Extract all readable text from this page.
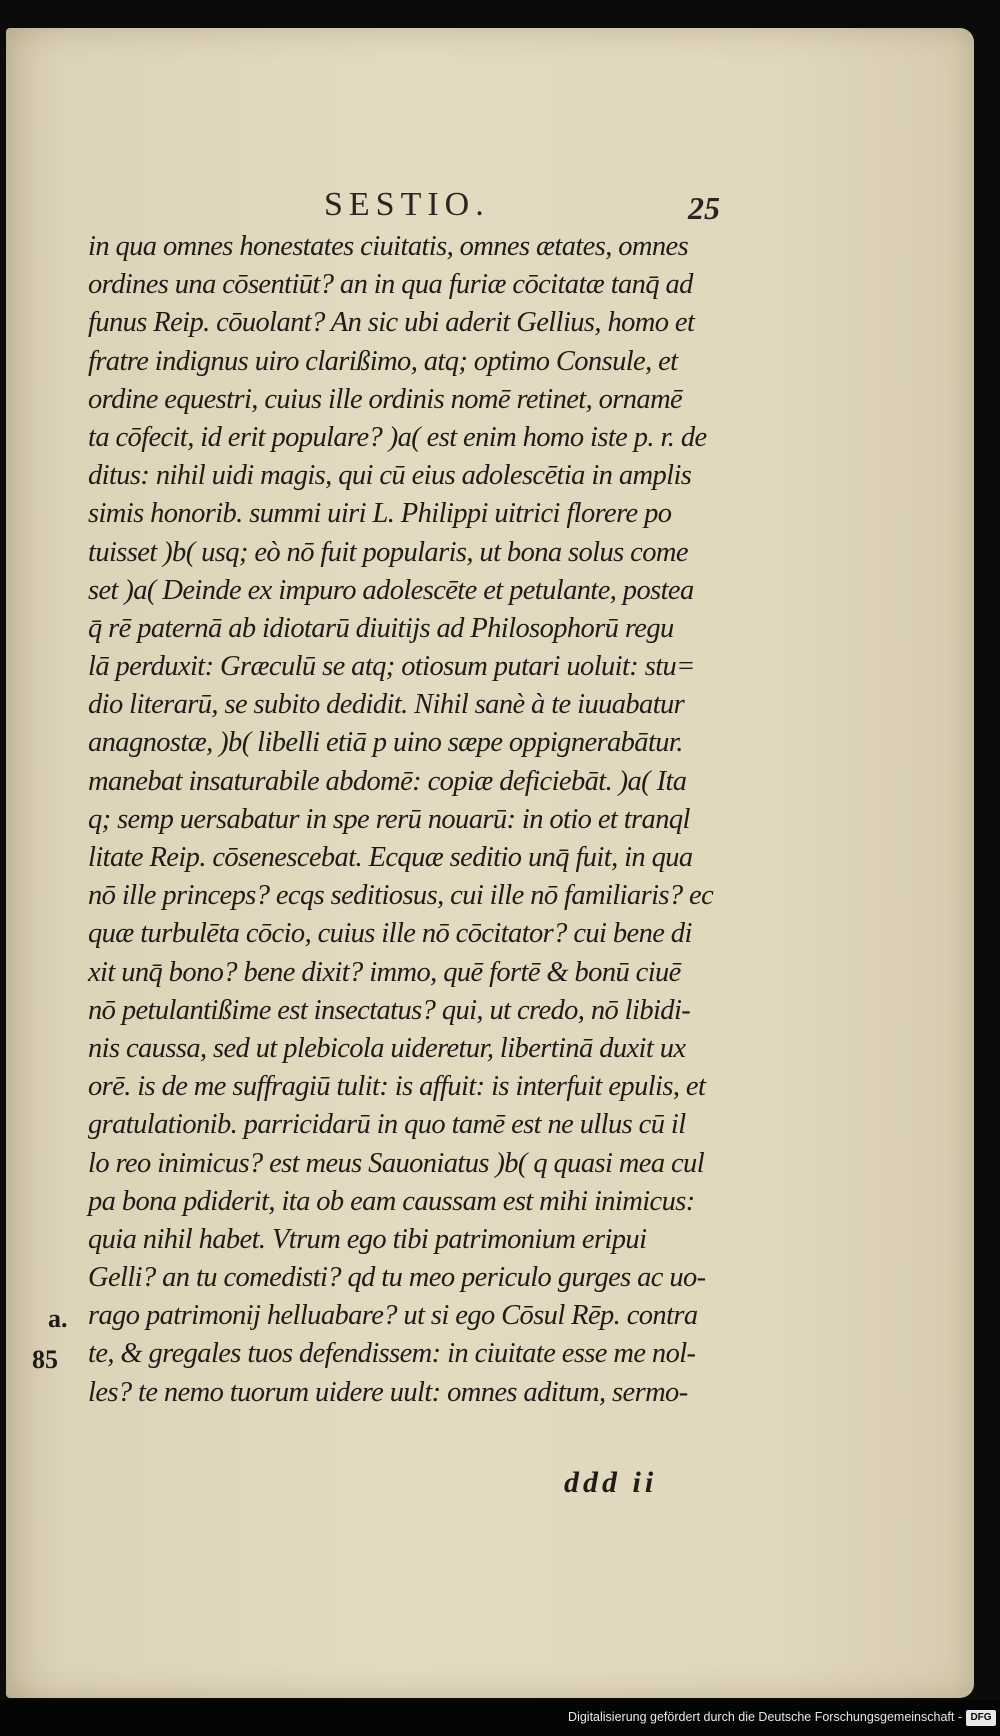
SESTIO.	25
in qua omnes honestates ciuitatis, omnes ætates, omnes
ordines una cōsentiūt? an in qua furiæ cōcitatæ tanq̄ ad
funus Reip. cōuolant? An sic ubi aderit Gellius, homo et
fratre indignus uiro clarißimo, atq; optimo Consule, et
ordine equestri, cuius ille ordinis nomē retinet, ornamē
ta cōfecit, id erit populare? )a( est enim homo iste p. r. de
ditus: nihil uidi magis, qui cū eius adolescētia in amplis
simis honorib. summi uiri L. Philippi uitrici florere po
tuisset )b( usq; eò nō fuit popularis, ut bona solus come
set )a( Deinde ex impuro adolescēte et petulante, postea
q̄ rē paternā ab idiotarū diuitijs ad Philosophorū regu
lā perduxit: Græculū se atq; otiosum putari uoluit: stu=
dio literarū, se subito dedidit. Nihil sanè à te iuuabatur
anagnostæ, )b( libelli etiā p uino sæpe oppignerabātur.
manebat insaturabile abdomē: copiæ deficiebāt. )a( Ita
q; semp uersabatur in spe rerū nouarū: in otio et tranql
litate Reip. cōsenescebat. Ecquæ seditio unq̄ fuit, in qua
nō ille princeps? ecqs seditiosus, cui ille nō familiaris? ec
quæ turbulēta cōcio, cuius ille nō cōcitator? cui bene di
xit unq̄ bono? bene dixit? immo, quē fortē & bonū ciuē
nō petulantißime est insectatus? qui, ut credo, nō libidi-
nis caussa, sed ut plebicola uideretur, libertinā duxit ux
orē. is de me suffragiū tulit: is affuit: is interfuit epulis, et
gratulationib. parricidarū in quo tamē est ne ullus cū il
lo reo inimicus? est meus Sauoniatus )b( q quasi mea cul
pa bona pdiderit, ita ob eam caussam est mihi inimicus:
quia nihil habet. Vtrum ego tibi patrimonium eripui
Gelli? an tu comedisti? qd tu meo periculo gurges ac uo-
rago patrimonij helluabare? ut si ego Cōsul Rēp. contra
te, & gregales tuos defendissem: in ciuitate esse me nol-
les? te nemo tuorum uidere uult: omnes aditum, sermo-
a.
85
ddd ii
Digitalisierung gefördert durch die Deutsche Forschungsgemeinschaft - DFG
